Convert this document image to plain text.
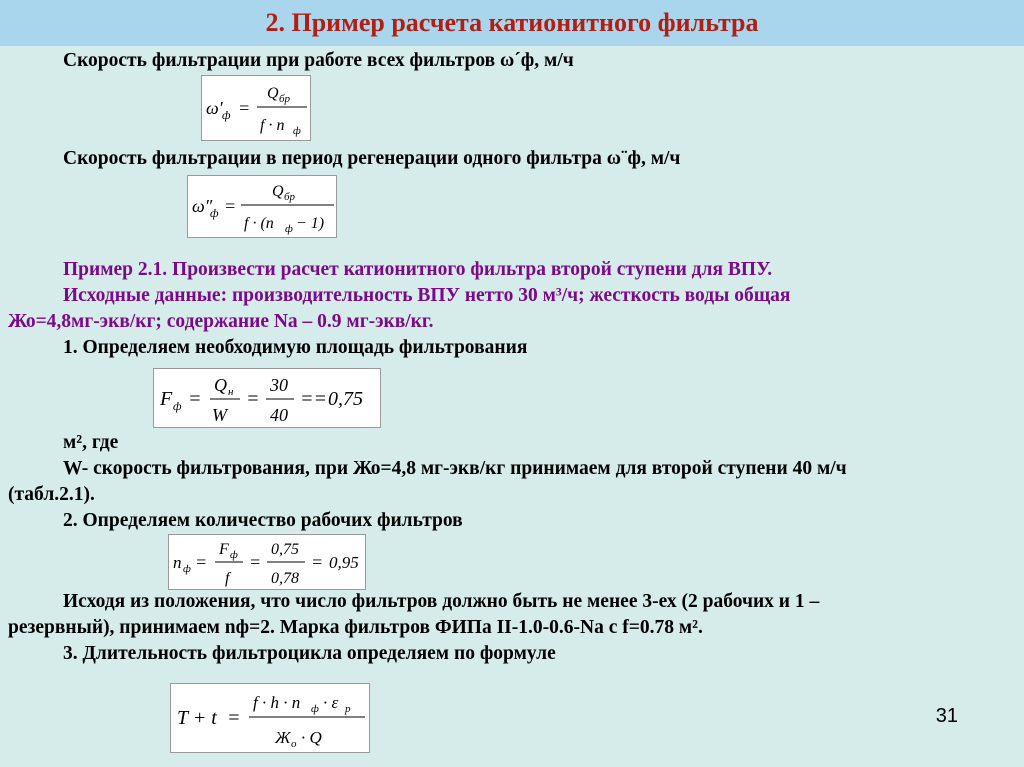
2. Пример расчета катионитного фильтра
Скорость фильтрации при работе всех фильтров ω´ф, м/ч
ω′ ф =
Q бр
f · n ф
Скорость фильтрации в период регенерации одного фильтра ω¨ф, м/ч
ω″
ф =
Q бр
f · (n ф − 1)
Пример 2.1. Произвести расчет катионитного фильтра второй ступени для ВПУ.
Исходные данные: производительность ВПУ нетто 30 м³/ч; жесткость воды общая
Жо=4,8мг-экв/кг; содержание Na – 0.9 мг-экв/кг.
1. Определяем необходимую площадь фильтрования
F ф =
Q н
W
=
30
40
== 0,75
м², где
W- скорость фильтрования, при Жо=4,8 мг-экв/кг принимаем для второй ступени 40 м/ч
(табл.2.1).
2. Определяем количество рабочих фильтров
n ф =
F ф
f
=
0,75
0,78
= 0,95
Исходя из положения, что число фильтров должно быть не менее 3-ех (2 рабочих и 1 –
резервный), принимаем nф=2. Марка фильтров ФИПа II-1.0-0.6-Na с f=0.78 м².
3. Длительность фильтроцикла определяем по формуле
T + t =
f · h · n ф · ε р
Ж о · Q
31
